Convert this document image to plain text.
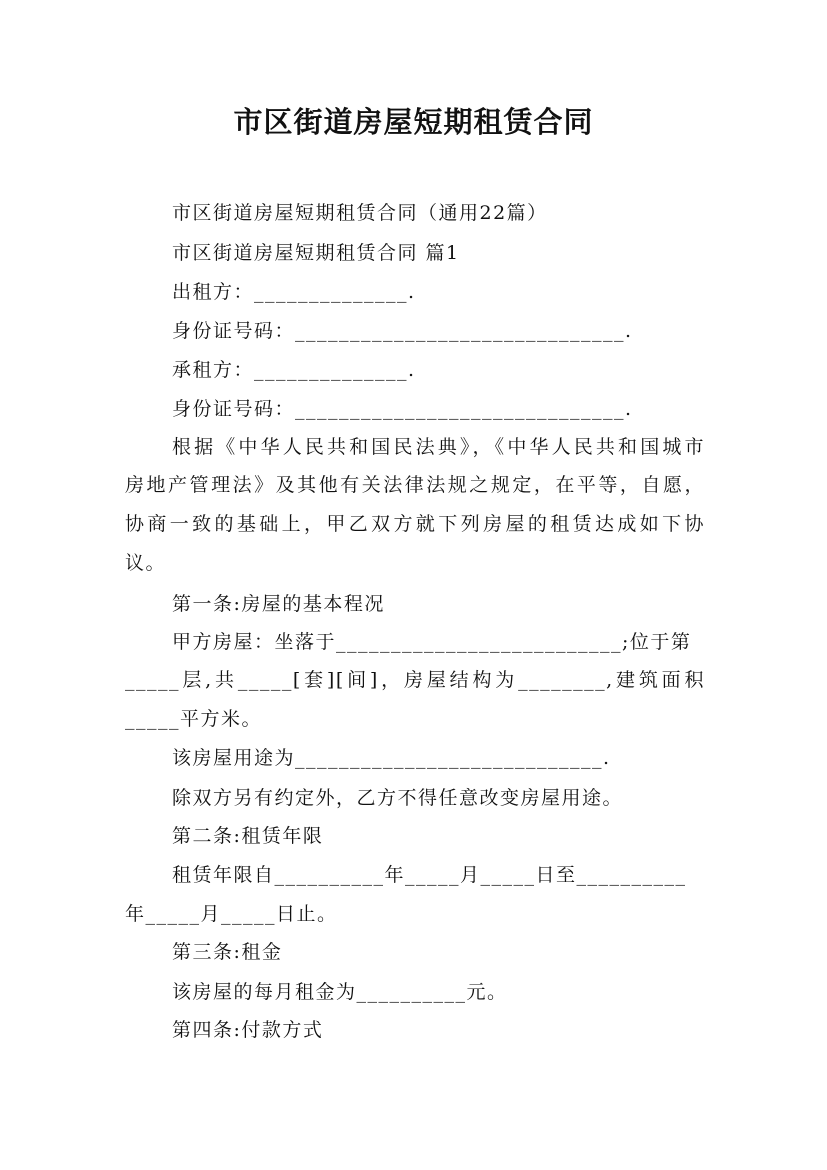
市区街道房屋短期租赁合同
市区街道房屋短期租赁合同（通用22篇）
市区街道房屋短期租赁合同 篇1
出租方：______________.
身份证号码：______________________________.
承租方：______________.
身份证号码：______________________________.
根据《中华人民共和国民法典》，《中华人民共和国城市
房地产管理法》及其他有关法律法规之规定，在平等，自愿，
协商一致的基础上，甲乙双方就下列房屋的租赁达成如下协
议。
第一条:房屋的基本程况
甲方房屋：坐落于__________________________;位于第
_____层,共_____[套][间]，房屋结构为________,建筑面积
_____平方米。
该房屋用途为____________________________.
除双方另有约定外，乙方不得任意改变房屋用途。
第二条:租赁年限
租赁年限自__________年_____月_____日至__________
年_____月_____日止。
第三条:租金
该房屋的每月租金为__________元。
第四条:付款方式
